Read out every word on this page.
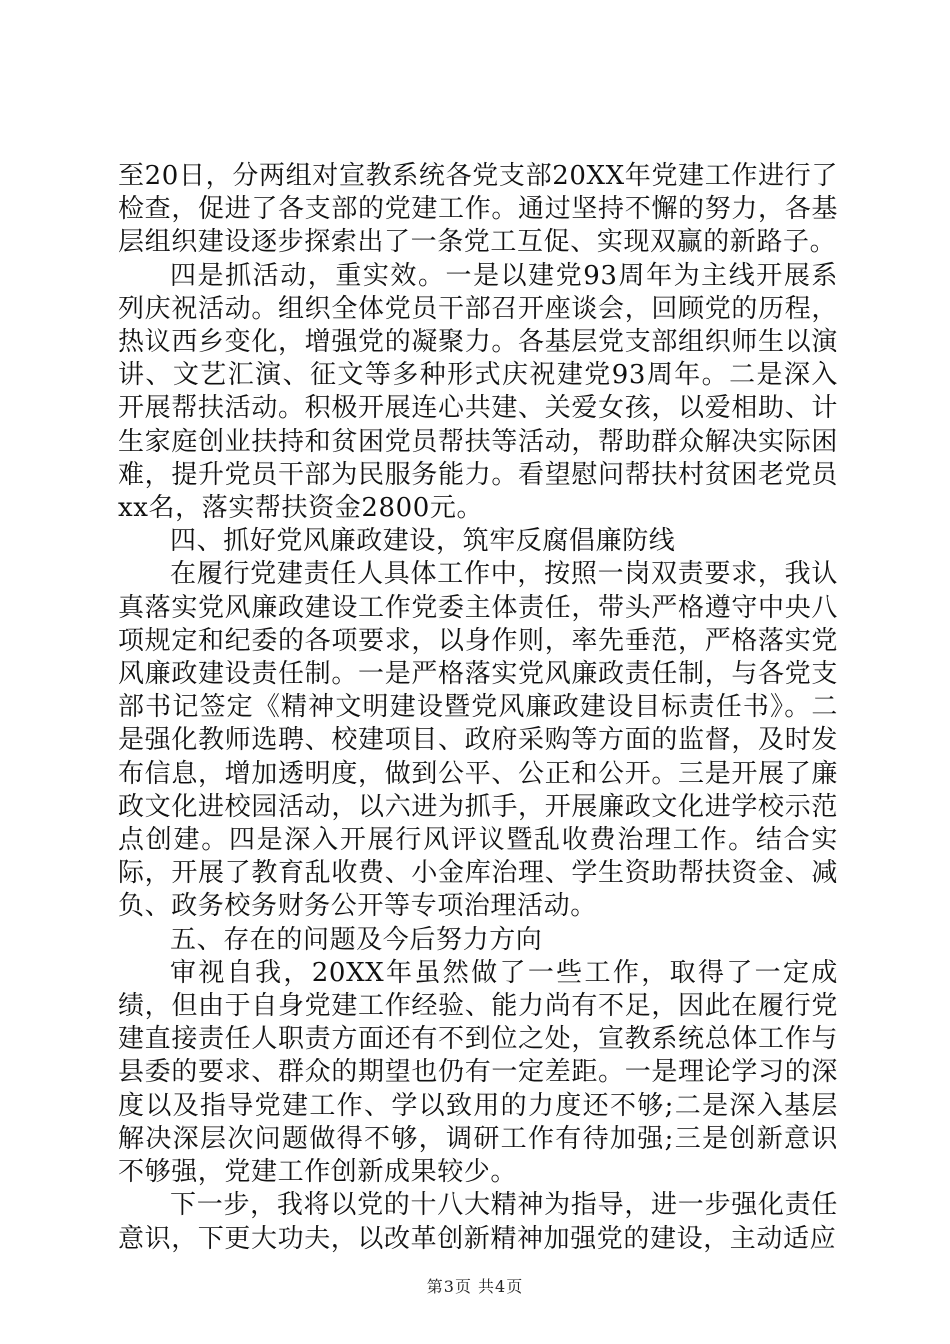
至20日，分两组对宣教系统各党支部20XX年党建工作进行了检查，促进了各支部的党建工作。通过坚持不懈的努力，各基层组织建设逐步探索出了一条党工互促、实现双赢的新路子。

四是抓活动，重实效。一是以建党93周年为主线开展系列庆祝活动。组织全体党员干部召开座谈会，回顾党的历程，热议西乡变化，增强党的凝聚力。各基层党支部组织师生以演讲、文艺汇演、征文等多种形式庆祝建党93周年。二是深入开展帮扶活动。积极开展连心共建、关爱女孩，以爱相助、计生家庭创业扶持和贫困党员帮扶等活动，帮助群众解决实际困难，提升党员干部为民服务能力。看望慰问帮扶村贫困老党员xx名，落实帮扶资金2800元。

四、抓好党风廉政建设，筑牢反腐倡廉防线

在履行党建责任人具体工作中，按照一岗双责要求，我认真落实党风廉政建设工作党委主体责任，带头严格遵守中央八项规定和纪委的各项要求，以身作则，率先垂范，严格落实党风廉政建设责任制。一是严格落实党风廉政责任制，与各党支部书记签定《精神文明建设暨党风廉政建设目标责任书》。二是强化教师选聘、校建项目、政府采购等方面的监督，及时发布信息，增加透明度，做到公平、公正和公开。三是开展了廉政文化进校园活动，以六进为抓手，开展廉政文化进学校示范点创建。四是深入开展行风评议暨乱收费治理工作。结合实际，开展了教育乱收费、小金库治理、学生资助帮扶资金、减负、政务校务财务公开等专项治理活动。

五、存在的问题及今后努力方向

审视自我，20XX年虽然做了一些工作，取得了一定成绩，但由于自身党建工作经验、能力尚有不足，因此在履行党建直接责任人职责方面还有不到位之处，宣教系统总体工作与县委的要求、群众的期望也仍有一定差距。一是理论学习的深度以及指导党建工作、学以致用的力度还不够;二是深入基层解决深层次问题做得不够，调研工作有待加强;三是创新意识不够强，党建工作创新成果较少。

下一步，我将以党的十八大精神为指导，进一步强化责任意识，下更大功夫，以改革创新精神加强党的建设，主动适应

第3页 共4页
